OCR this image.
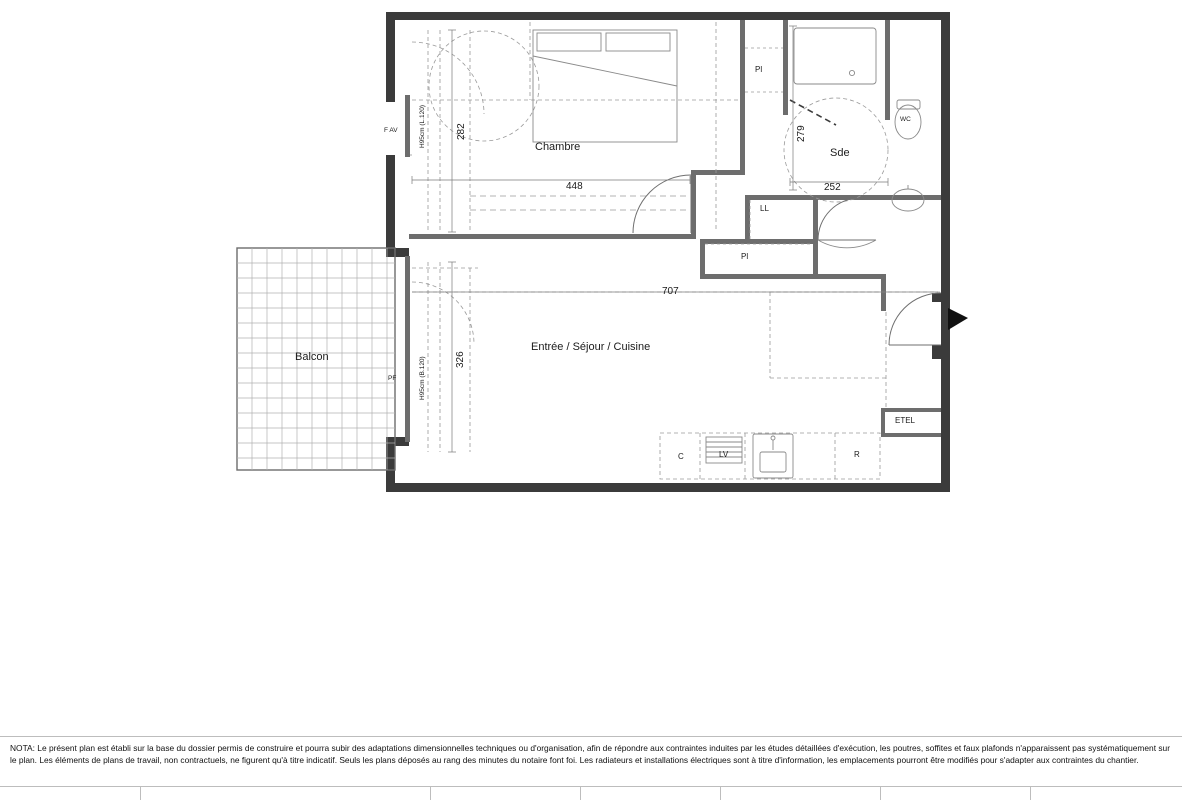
Chambre
Entrée / Séjour / Cuisine
Balcon
Sde
Pl
LL
Pl
ETEL
C	LV	R
F AV
PF
WC
448
707
282
326
279
252
H95cm (L.120)
H95cm (B.120)
NOTA: Le présent plan est établi sur la base du dossier permis de construire et pourra subir des adaptations dimensionnelles techniques ou d'organisation, afin de répondre aux contraintes induites par les études détaillées d'exécution, les poutres, soffites et faux plafonds n'apparaissent pas systématiquement sur le plan. Les éléments de plans de travail, non contractuels, ne figurent qu'à titre indicatif. Seuls les plans déposés au rang des minutes du notaire font foi. Les radiateurs et installations électriques sont à titre d'information, les emplacements pourront être modifiés pour s'adapter aux contraintes du chantier.
